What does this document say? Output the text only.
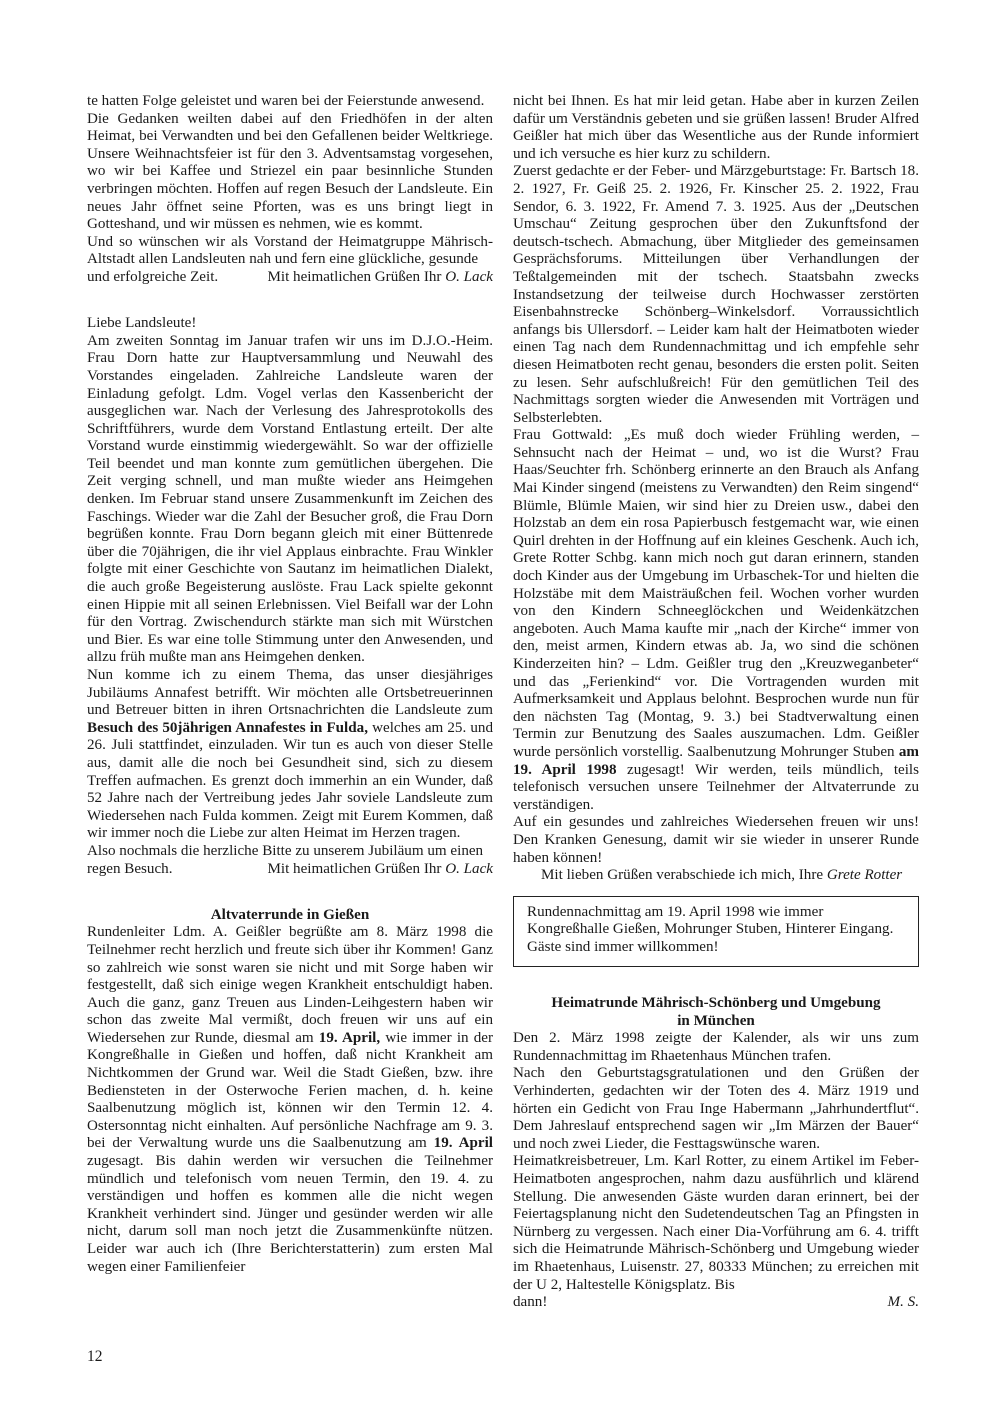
te hatten Folge geleistet und waren bei der Feierstunde anwesend.

Die Gedanken weilten dabei auf den Friedhöfen in der alten Heimat, bei Verwandten und bei den Gefallenen beider Weltkriege. Unsere Weihnachtsfeier ist für den 3. Adventsamstag vorgesehen, wo wir bei Kaffee und Striezel ein paar besinnliche Stunden verbringen möchten. Hoffen auf regen Besuch der Landsleute. Ein neues Jahr öffnet seine Pforten, was es uns bringt liegt in Gotteshand, und wir müssen es nehmen, wie es kommt.

Und so wünschen wir als Vorstand der Heimatgruppe Mährisch-Altstadt allen Landsleuten nah und fern eine glückliche, gesunde

und erfolgreiche Zeit.	Mit heimatlichen Grüßen Ihr O. Lack

Liebe Landsleute!

Am zweiten Sonntag im Januar trafen wir uns im D.J.O.-Heim. Frau Dorn hatte zur Hauptversammlung und Neuwahl des Vorstandes eingeladen. Zahlreiche Landsleute waren der Einladung gefolgt. Ldm. Vogel verlas den Kassenbericht der ausgeglichen war. Nach der Verlesung des Jahresprotokolls des Schriftführers, wurde dem Vorstand Entlastung erteilt. Der alte Vorstand wurde einstimmig wiedergewählt. So war der offizielle Teil beendet und man konnte zum gemütlichen übergehen. Die Zeit verging schnell, und man mußte wieder ans Heimgehen denken. Im Februar stand unsere Zusammenkunft im Zeichen des Faschings. Wieder war die Zahl der Besucher groß, die Frau Dorn begrüßen konnte. Frau Dorn begann gleich mit einer Büttenrede über die 70jährigen, die ihr viel Applaus einbrachte. Frau Winkler folgte mit einer Geschichte von Sautanz im heimatlichen Dialekt, die auch große Begeisterung auslöste. Frau Lack spielte gekonnt einen Hippie mit all seinen Erlebnissen. Viel Beifall war der Lohn für den Vortrag. Zwischendurch stärkte man sich mit Würstchen und Bier. Es war eine tolle Stimmung unter den Anwesenden, und allzu früh mußte man ans Heimgehen denken.

Nun komme ich zu einem Thema, das unser diesjähriges Jubiläums Annafest betrifft. Wir möchten alle Ortsbetreuerinnen und Betreuer bitten in ihren Ortsnachrichten die Landsleute zum Besuch des 50jährigen Annafestes in Fulda, welches am 25. und 26. Juli stattfindet, einzuladen. Wir tun es auch von dieser Stelle aus, damit alle die noch bei Gesundheit sind, sich zu diesem Treffen aufmachen. Es grenzt doch immerhin an ein Wunder, daß 52 Jahre nach der Vertreibung jedes Jahr soviele Landsleute zum Wiedersehen nach Fulda kommen. Zeigt mit Eurem Kommen, daß wir immer noch die Liebe zur alten Heimat im Herzen tragen.

Also nochmals die herzliche Bitte zu unserem Jubiläum um einen

regen Besuch.	Mit heimatlichen Grüßen Ihr O. Lack
Altvaterrunde in Gießen

Rundenleiter Ldm. A. Geißler begrüßte am 8. März 1998 die Teilnehmer recht herzlich und freute sich über ihr Kommen! Ganz so zahlreich wie sonst waren sie nicht und mit Sorge haben wir festgestellt, daß sich einige wegen Krankheit entschuldigt haben. Auch die ganz, ganz Treuen aus Linden-Leihgestern haben wir schon das zweite Mal vermißt, doch freuen wir uns auf ein Wiedersehen zur Runde, diesmal am 19. April, wie immer in der Kongreßhalle in Gießen und hoffen, daß nicht Krankheit am Nichtkommen der Grund war. Weil die Stadt Gießen, bzw. ihre Bediensteten in der Osterwoche Ferien machen, d. h. keine Saalbenutzung möglich ist, können wir den Termin 12. 4. Ostersonntag nicht einhalten. Auf persönliche Nachfrage am 9. 3. bei der Verwaltung wurde uns die Saalbenutzung am 19. April zugesagt. Bis dahin werden wir versuchen die Teilnehmer mündlich und telefonisch vom neuen Termin, den 19. 4. zu verständigen und hoffen es kommen alle die nicht wegen Krankheit verhindert sind. Jünger und gesünder werden wir alle nicht, darum soll man noch jetzt die Zusammenkünfte nützen. Leider war auch ich (Ihre Berichterstatterin) zum ersten Mal wegen einer Familienfeier

nicht bei Ihnen. Es hat mir leid getan. Habe aber in kurzen Zeilen dafür um Verständnis gebeten und sie grüßen lassen! Bruder Alfred Geißler hat mich über das Wesentliche aus der Runde informiert und ich versuche es hier kurz zu schildern.

Zuerst gedachte er der Feber- und Märzgeburtstage: Fr. Bartsch 18. 2. 1927, Fr. Geiß 25. 2. 1926, Fr. Kinscher 25. 2. 1922, Frau Sendor, 6. 3. 1922, Fr. Amend 7. 3. 1925. Aus der „Deutschen Umschau“ Zeitung gesprochen über den Zukunftsfond der deutsch-tschech. Abmachung, über Mitglieder des gemeinsamen Gesprächsforums. Mitteilungen über Verhandlungen der Teßtalgemeinden mit der tschech. Staatsbahn zwecks Instandsetzung der teilweise durch Hochwasser zerstörten Eisenbahnstrecke Schönberg–Winkelsdorf. Vorraussichtlich anfangs bis Ullersdorf. – Leider kam halt der Heimatboten wieder einen Tag nach dem Rundennachmittag und ich empfehle sehr diesen Heimatboten recht genau, besonders die ersten polit. Seiten zu lesen. Sehr aufschlußreich! Für den gemütlichen Teil des Nachmittags sorgten wieder die Anwesenden mit Vorträgen und Selbsterlebten.

Frau Gottwald: „Es muß doch wieder Frühling werden, – Sehnsucht nach der Heimat – und, wo ist die Wurst? Frau Haas/Seuchter frh. Schönberg erinnerte an den Brauch als Anfang Mai Kinder singend (meistens zu Verwandten) den Reim singend“ Blümle, Blümle Maien, wir sind hier zu Dreien usw., dabei den Holzstab an dem ein rosa Papierbusch festgemacht war, wie einen Quirl drehten in der Hoffnung auf ein kleines Geschenk. Auch ich, Grete Rotter Schbg. kann mich noch gut daran erinnern, standen doch Kinder aus der Umgebung im Urbaschek-Tor und hielten die Holzstäbe mit dem Maisträußchen feil. Wochen vorher wurden von den Kindern Schneeglöckchen und Weidenkätzchen angeboten. Auch Mama kaufte mir „nach der Kirche“ immer von den, meist armen, Kindern etwas ab. Ja, wo sind die schönen Kinderzeiten hin? – Ldm. Geißler trug den „Kreuzweganbeter“ und das „Ferienkind“ vor. Die Vortragenden wurden mit Aufmerksamkeit und Applaus belohnt. Besprochen wurde nun für den nächsten Tag (Montag, 9. 3.) bei Stadtverwaltung einen Termin zur Benutzung des Saales auszumachen. Ldm. Geißler wurde persönlich vorstellig. Saalbenutzung Mohrunger Stuben am 19. April 1998 zugesagt! Wir werden, teils mündlich, teils telefonisch versuchen unsere Teilnehmer der Altvaterrunde zu verständigen.

Auf ein gesundes und zahlreiches Wiedersehen freuen wir uns! Den Kranken Genesung, damit wir sie wieder in unserer Runde haben können!

Mit lieben Grüßen verabschiede ich mich, Ihre Grete Rotter

Rundennachmittag am 19. April 1998 wie immer Kongreßhalle Gießen, Mohrunger Stuben, Hinterer Eingang. Gäste sind immer willkommen!
Heimatrunde Mährisch-Schönberg und Umgebung
in München

Den 2. März 1998 zeigte der Kalender, als wir uns zum Rundennachmittag im Rhaetenhaus München trafen.

Nach den Geburtstagsgratulationen und den Grüßen der Verhinderten, gedachten wir der Toten des 4. März 1919 und hörten ein Gedicht von Frau Inge Habermann „Jahrhundertflut“. Dem Jahreslauf entsprechend sagen wir „Im Märzen der Bauer“ und noch zwei Lieder, die Festtagswünsche waren.

Heimatkreisbetreuer, Lm. Karl Rotter, zu einem Artikel im Feber-Heimatboten angesprochen, nahm dazu ausführlich und klärend Stellung. Die anwesenden Gäste wurden daran erinnert, bei der Feiertagsplanung nicht den Sudetendeutschen Tag an Pfingsten in Nürnberg zu vergessen. Nach einer Dia-Vorführung am 6. 4. trifft sich die Heimatrunde Mährisch-Schönberg und Umgebung wieder im Rhaetenhaus, Luisenstr. 27, 80333 München; zu erreichen mit der U 2, Haltestelle Königsplatz. Bis

dann!	M. S.
12
